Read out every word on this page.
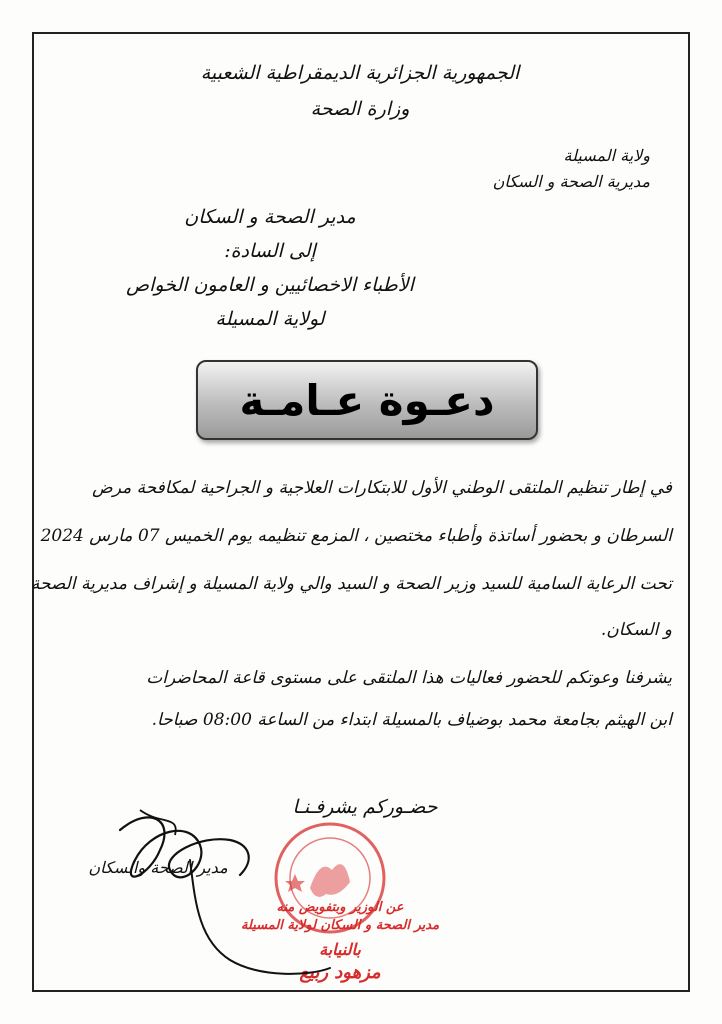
الجمهورية الجزائرية الديمقراطية الشعبية
وزارة الصحة
ولاية المسيلة
مديرية الصحة و السكان
مدير الصحة و السكان
إلى السادة:
الأطباء الاخصائيين و العامون الخواص
لولاية المسيلة
دعـوة عـامـة
في إطار تنظيم الملتقى الوطني الأول للابتكارات العلاجية و الجراحية لمكافحة مرض
السرطان و بحضور أساتذة وأطباء مختصين ، المزمع تنظيمه يوم الخميس 07 مارس 2024
تحت الرعاية السامية للسيد وزير الصحة و السيد والي ولاية المسيلة و إشراف مديرية الصحة
و السكان.
يشرفنا وعوتكم للحضور فعاليات هذا الملتقى على مستوى قاعة المحاضرات
ابن الهيثم بجامعة محمد بوضياف بالمسيلة ابتداء من الساعة 08:00 صباحا.
حضـوركم يشرفـنـا
مدير الصحة والسكان
عن الوزير وبتفويض منه
مدير الصحة و السكان لولاية المسيلة
بالنيابة
مزهود ربيع
